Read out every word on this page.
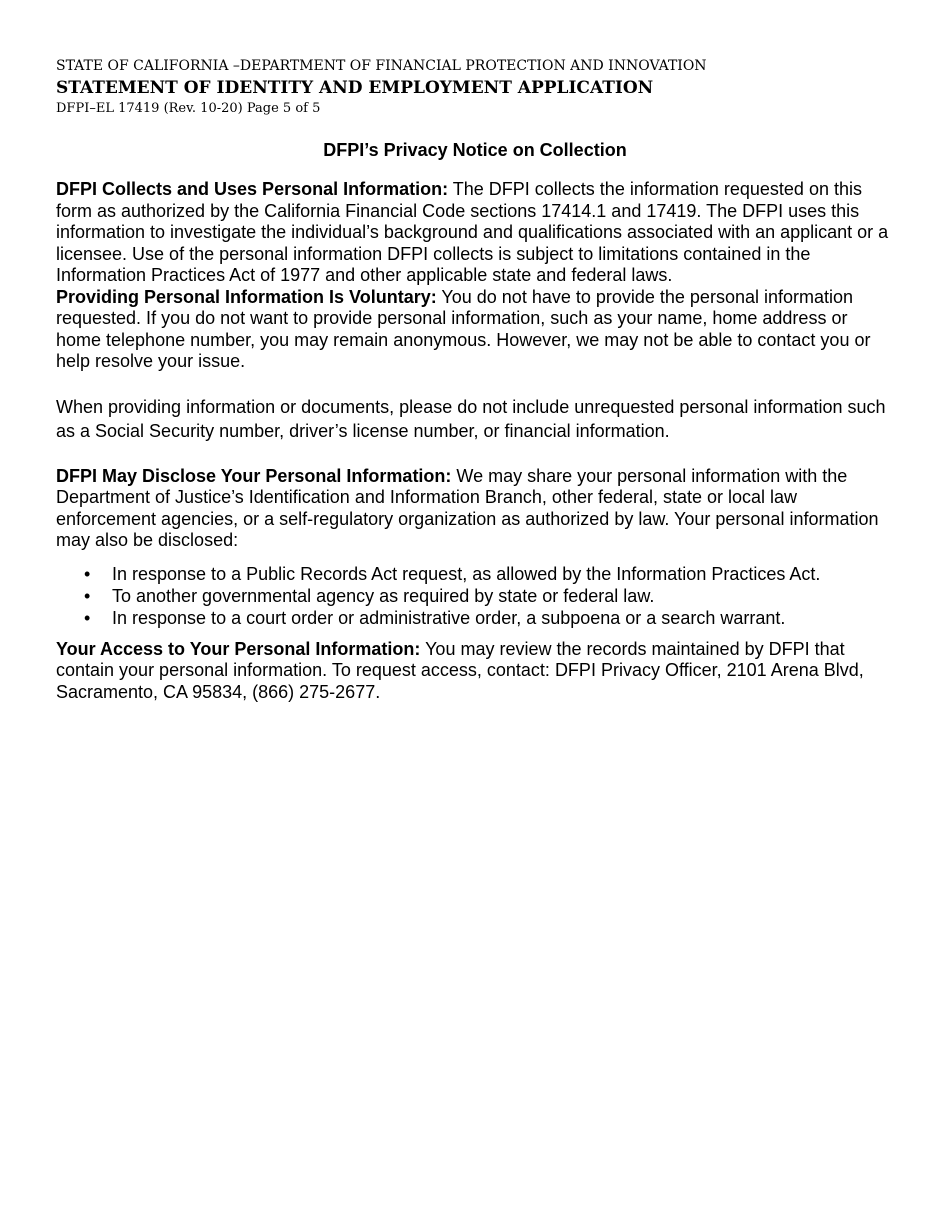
STATE OF CALIFORNIA –DEPARTMENT OF FINANCIAL PROTECTION AND INNOVATION
STATEMENT OF IDENTITY AND EMPLOYMENT APPLICATION
DFPI–EL 17419 (Rev. 10-20) Page 5 of 5
DFPI’s Privacy Notice on Collection

DFPI Collects and Uses Personal Information: The DFPI collects the information requested on this form as authorized by the California Financial Code sections 17414.1 and 17419. The DFPI uses this information to investigate the individual’s background and qualifications associated with an applicant or a licensee. Use of the personal information DFPI collects is subject to limitations contained in the Information Practices Act of 1977 and other applicable state and federal laws.

Providing Personal Information Is Voluntary: You do not have to provide the personal information requested. If you do not want to provide personal information, such as your name, home address or home telephone number, you may remain anonymous. However, we may not be able to contact you or help resolve your issue.

When providing information or documents, please do not include unrequested personal information such as a Social Security number, driver’s license number, or financial information.

DFPI May Disclose Your Personal Information: We may share your personal information with the Department of Justice’s Identification and Information Branch, other federal, state or local law enforcement agencies, or a self-regulatory organization as authorized by law. Your personal information may also be disclosed:

• In response to a Public Records Act request, as allowed by the Information Practices Act.
• To another governmental agency as required by state or federal law.
• In response to a court order or administrative order, a subpoena or a search warrant.

Your Access to Your Personal Information: You may review the records maintained by DFPI that contain your personal information. To request access, contact: DFPI Privacy Officer, 2101 Arena Blvd, Sacramento, CA 95834, (866) 275-2677.
